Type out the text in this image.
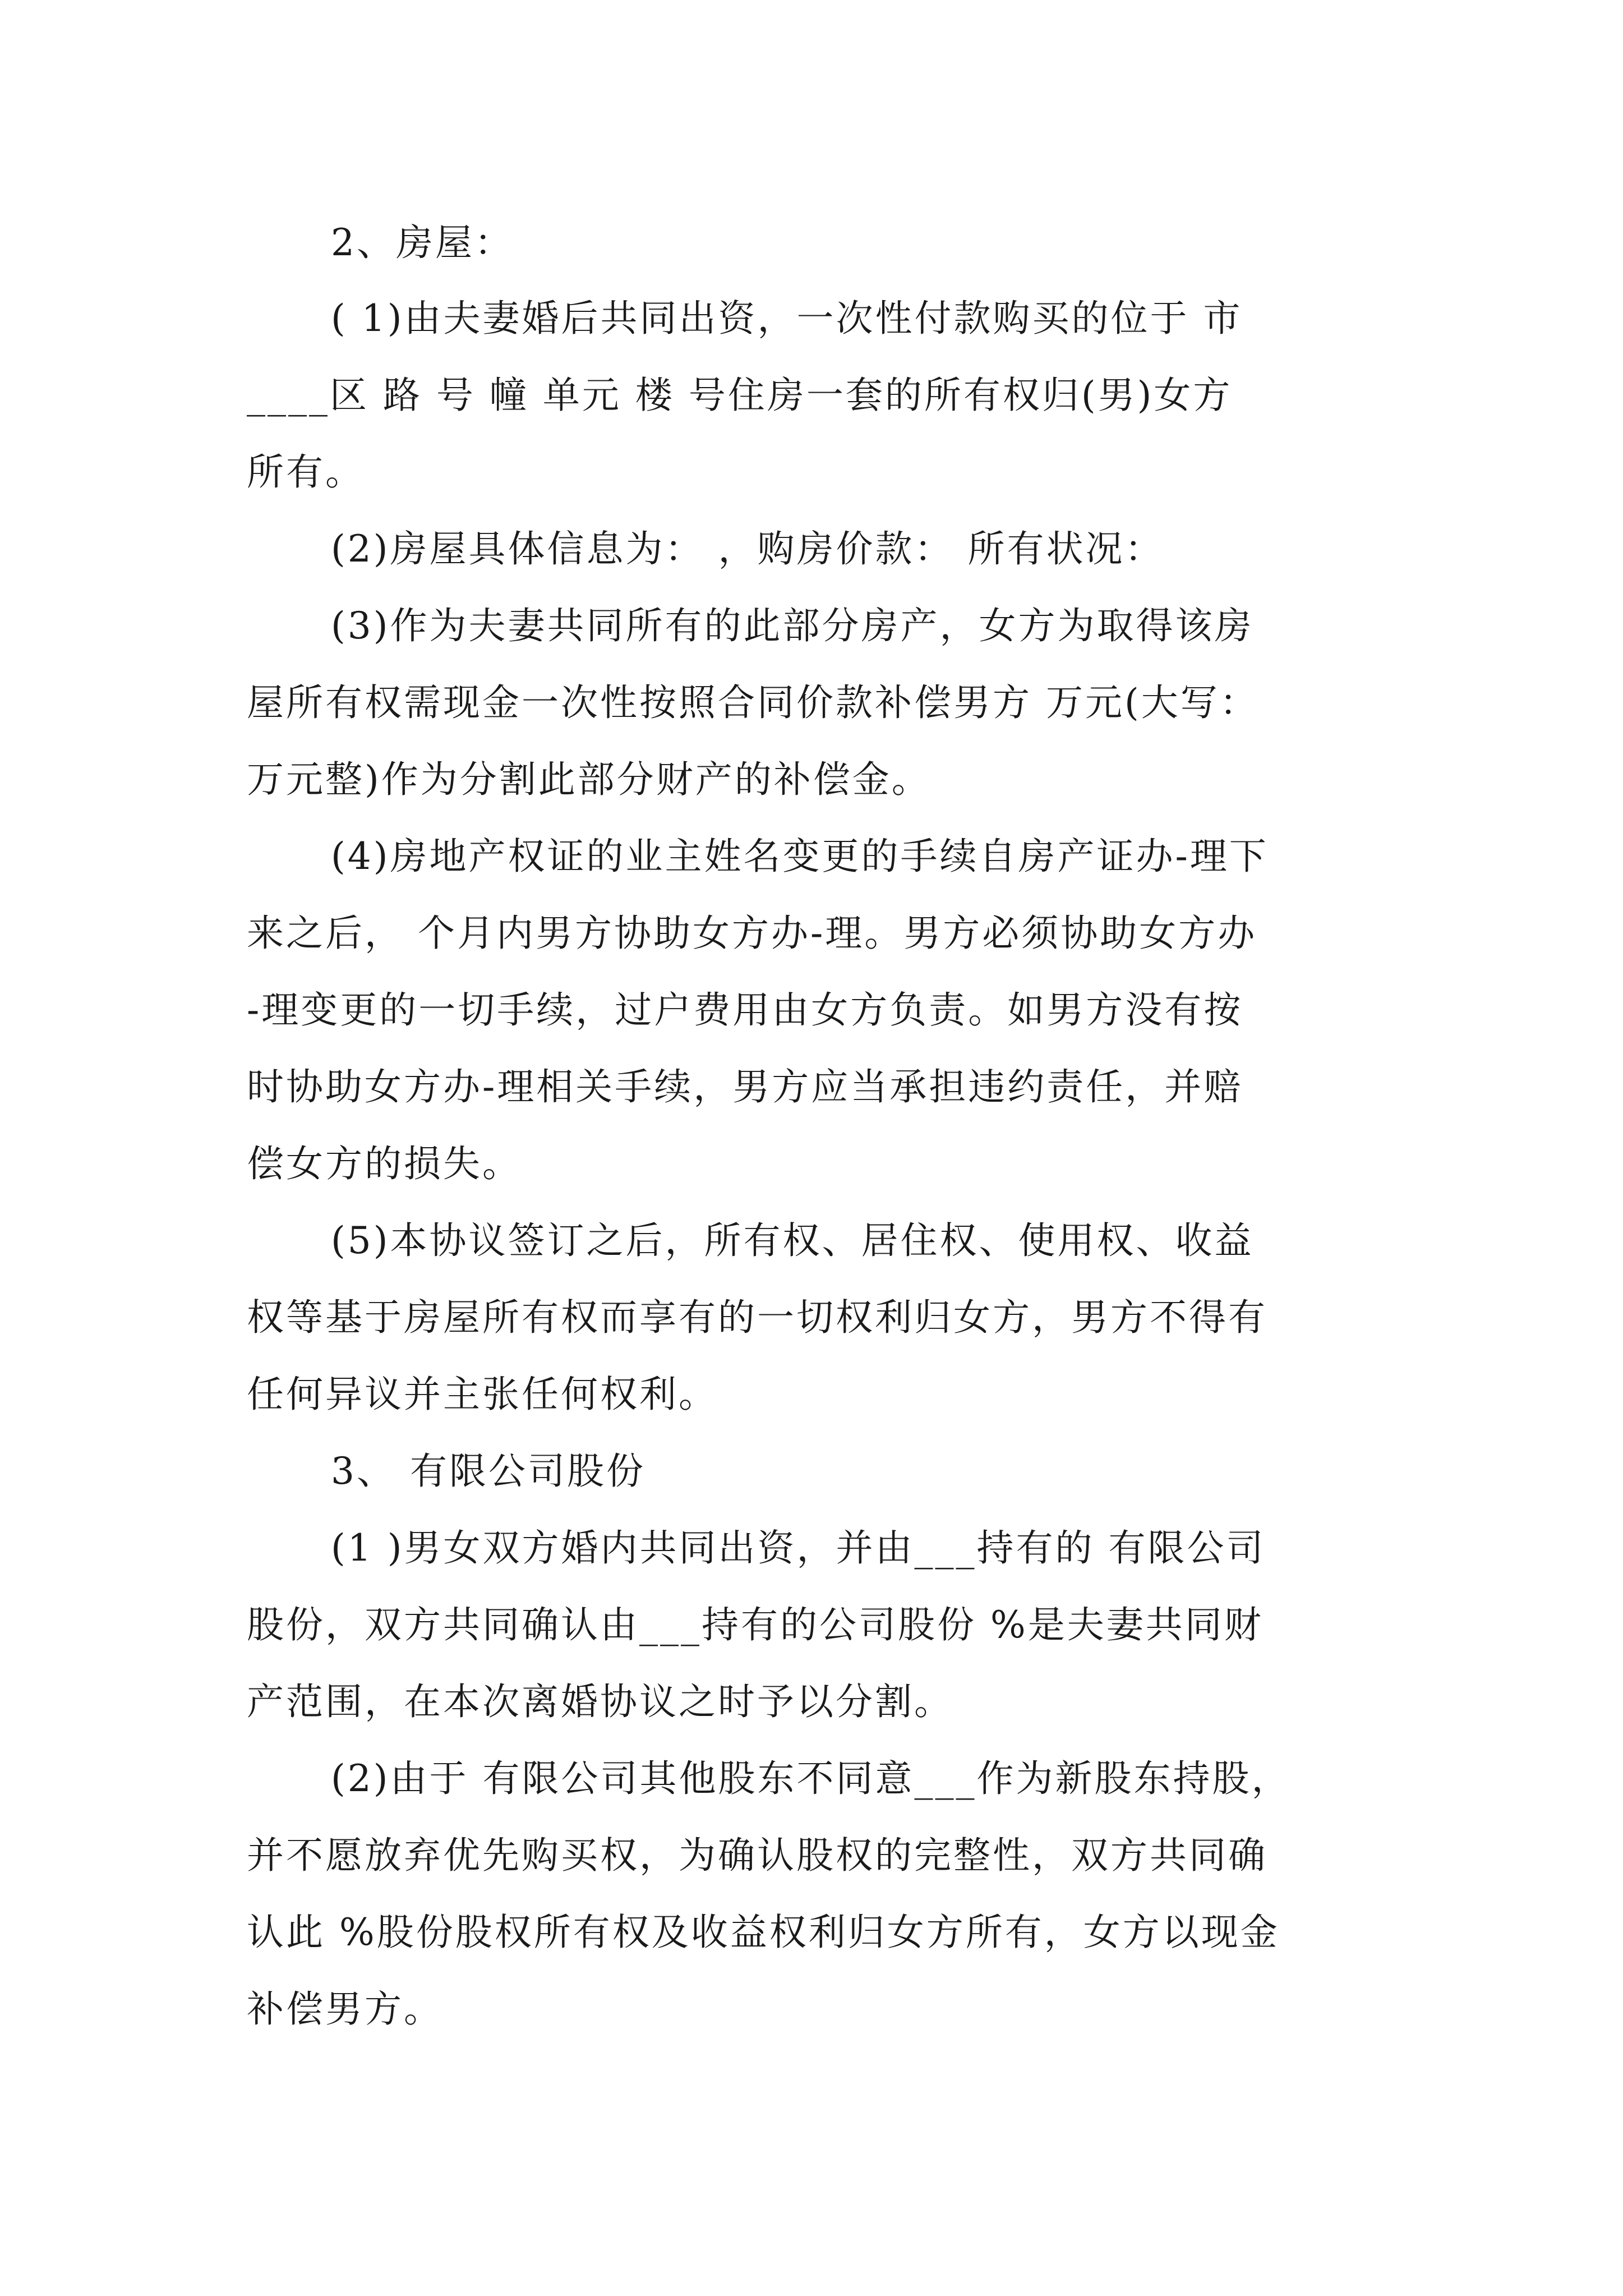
2、房屋：
( 1)由夫妻婚后共同出资，一次性付款购买的位于 市
____区 路 号 幢 单元 楼 号住房一套的所有权归(男)女方
所有。
(2)房屋具体信息为： ，购房价款： 所有状况：
(3)作为夫妻共同所有的此部分房产，女方为取得该房
屋所有权需现金一次性按照合同价款补偿男方 万元(大写：
万元整)作为分割此部分财产的补偿金。
(4)房地产权证的业主姓名变更的手续自房产证办-理下
来之后， 个月内男方协助女方办-理。男方必须协助女方办
-理变更的一切手续，过户费用由女方负责。如男方没有按
时协助女方办-理相关手续，男方应当承担违约责任，并赔
偿女方的损失。
(5)本协议签订之后，所有权、居住权、使用权、收益
权等基于房屋所有权而享有的一切权利归女方，男方不得有
任何异议并主张任何权利。
3、 有限公司股份
(1 )男女双方婚内共同出资，并由___持有的 有限公司
股份，双方共同确认由___持有的公司股份 %是夫妻共同财
产范围，在本次离婚协议之时予以分割。
(2)由于 有限公司其他股东不同意___作为新股东持股，
并不愿放弃优先购买权，为确认股权的完整性，双方共同确
认此 %股份股权所有权及收益权利归女方所有，女方以现金
补偿男方。
